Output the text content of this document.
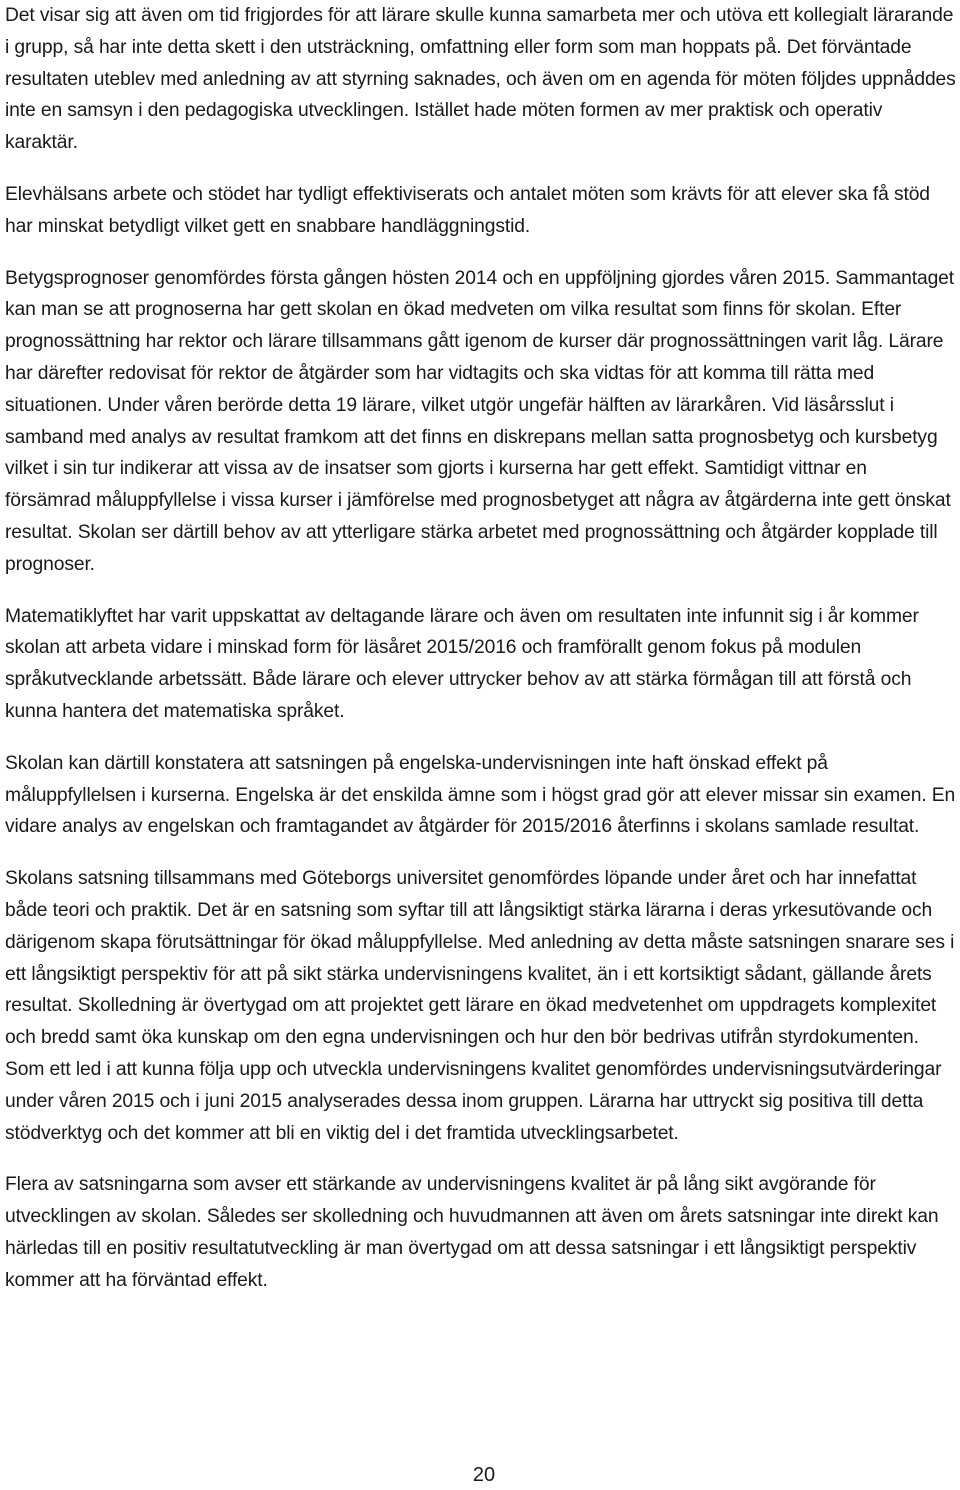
Det visar sig att även om tid frigjordes för att lärare skulle kunna samarbeta mer och utöva ett kollegialt lärarande i grupp, så har inte detta skett i den utsträckning, omfattning eller form som man hoppats på. Det förväntade resultaten uteblev med anledning av att styrning saknades, och även om en agenda för möten följdes uppnåddes inte en samsyn i den pedagogiska utvecklingen. Istället hade möten formen av mer praktisk och operativ karaktär.

Elevhälsans arbete och stödet har tydligt effektiviserats och antalet möten som krävts för att elever ska få stöd har minskat betydligt vilket gett en snabbare handläggningstid.

Betygsprognoser genomfördes första gången hösten 2014 och en uppföljning gjordes våren 2015. Sammantaget kan man se att prognoserna har gett skolan en ökad medveten om vilka resultat som finns för skolan. Efter prognossättning har rektor och lärare tillsammans gått igenom de kurser där prognossättningen varit låg. Lärare har därefter redovisat för rektor de åtgärder som har vidtagits och ska vidtas för att komma till rätta med situationen. Under våren berörde detta 19 lärare, vilket utgör ungefär hälften av lärarkåren. Vid läsårsslut i samband med analys av resultat framkom att det finns en diskrepans mellan satta prognosbetyg och kursbetyg vilket i sin tur indikerar att vissa av de insatser som gjorts i kurserna har gett effekt. Samtidigt vittnar en försämrad måluppfyllelse i vissa kurser i jämförelse med prognosbetyget att några av åtgärderna inte gett önskat resultat. Skolan ser därtill behov av att ytterligare stärka arbetet med prognossättning och åtgärder kopplade till prognoser.

Matematiklyftet har varit uppskattat av deltagande lärare och även om resultaten inte infunnit sig i år kommer skolan att arbeta vidare i minskad form för läsåret 2015/2016 och framförallt genom fokus på modulen språkutvecklande arbetssätt. Både lärare och elever uttrycker behov av att stärka förmågan till att förstå och kunna hantera det matematiska språket.

Skolan kan därtill konstatera att satsningen på engelska-undervisningen inte haft önskad effekt på måluppfyllelsen i kurserna. Engelska är det enskilda ämne som i högst grad gör att elever missar sin examen. En vidare analys av engelskan och framtagandet av åtgärder för 2015/2016 återfinns i skolans samlade resultat.

Skolans satsning tillsammans med Göteborgs universitet genomfördes löpande under året och har innefattat både teori och praktik. Det är en satsning som syftar till att långsiktigt stärka lärarna i deras yrkesutövande och därigenom skapa förutsättningar för ökad måluppfyllelse. Med anledning av detta måste satsningen snarare ses i ett långsiktigt perspektiv för att på sikt stärka undervisningens kvalitet, än i ett kortsiktigt sådant, gällande årets resultat. Skolledning är övertygad om att projektet gett lärare en ökad medvetenhet om uppdragets komplexitet och bredd samt öka kunskap om den egna undervisningen och hur den bör bedrivas utifrån styrdokumenten. Som ett led i att kunna följa upp och utveckla undervisningens kvalitet genomfördes undervisningsutvärderingar under våren 2015 och i juni 2015 analyserades dessa inom gruppen. Lärarna har uttryckt sig positiva till detta stödverktyg och det kommer att bli en viktig del i det framtida utvecklingsarbetet.

Flera av satsningarna som avser ett stärkande av undervisningens kvalitet är på lång sikt avgörande för utvecklingen av skolan. Således ser skolledning och huvudmannen att även om årets satsningar inte direkt kan härledas till en positiv resultatutveckling är man övertygad om att dessa satsningar i ett långsiktigt perspektiv kommer att ha förväntad effekt.

20
